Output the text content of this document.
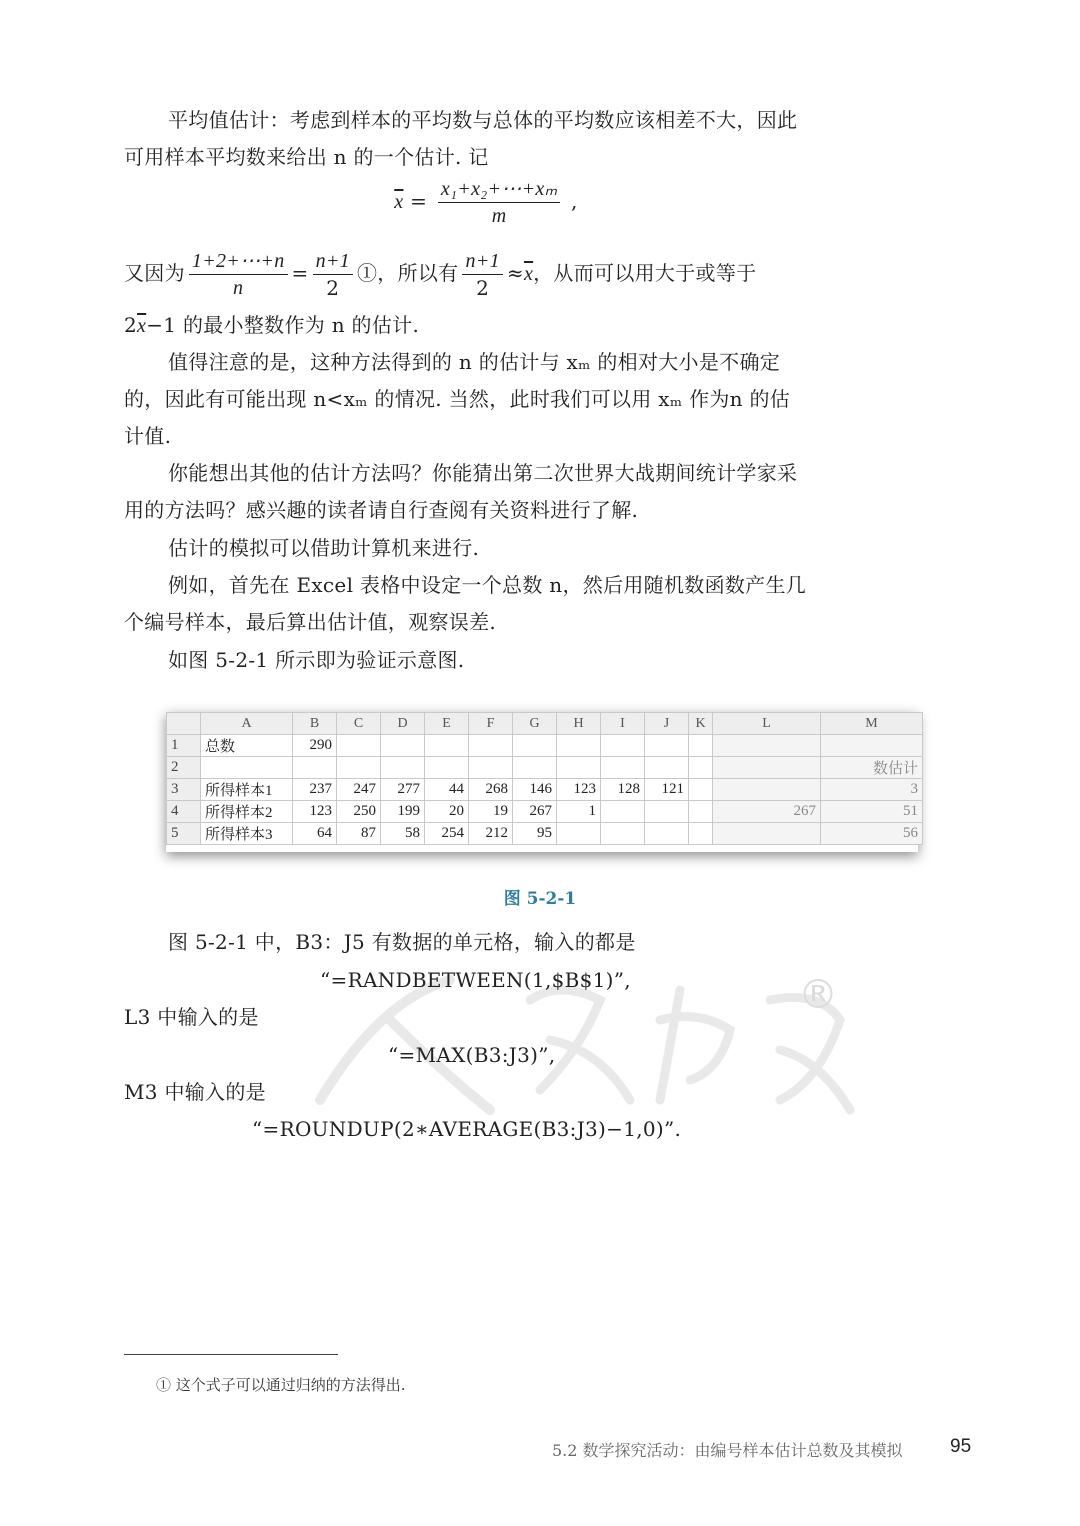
平均值估计：考虑到样本的平均数与总体的平均数应该相差不大，因此
可用样本平均数来给出 n 的一个估计. 记
$\overline{x} = \frac{\text{x₁+x₂+⋯+xₘ}}{m}$ ,
又因为 $\frac{1+2+\cdots+n}{n} = \frac{n+1}{2}$ ①，所以有 $\frac{n+1}{2} \approx\overline{x}$，从而可以用大于或等于
$2\overline{x}-1$ 的最小整数作为 n 的估计.
值得注意的是，这种方法得到的 n 的估计与 xₘ 的相对大小是不确定
的，因此有可能出现 n<xₘ 的情况. 当然，此时我们可以用 xₘ 作为n 的估
计值.
你能想出其他的估计方法吗？你能猜出第二次世界大战期间统计学家采
用的方法吗？感兴趣的读者请自行查阅有关资料进行了解.
估计的模拟可以借助计算机来进行.
例如，首先在 Excel 表格中设定一个总数 n，然后用随机数函数产生几
个编号样本，最后算出估计值，观察误差.
如图 5-2-1 所示即为验证示意图.
	A	B	C	D	E	F	G	H	I	J	K	L	M
1	总数	290											
2													数估计
3	所得样本1	237	247	277	44	268	146	123	128	121			3
4	所得样本2	123	250	199	20	19	267	1				267	51
5	所得样本3	64	87	58	254	212	95						56
图 5-2-1
®
图 5-2-1 中，B3：J5 有数据的单元格，输入的都是
“=RANDBETWEEN(1,$B$1)”,
L3 中输入的是
“=MAX(B3:J3)”,
M3 中输入的是
“=ROUNDUP(2∗AVERAGE(B3:J3)−1,0)”.
① 这个式子可以通过归纳的方法得出.
5.2 数学探究活动：由编号样本估计总数及其模拟 95
